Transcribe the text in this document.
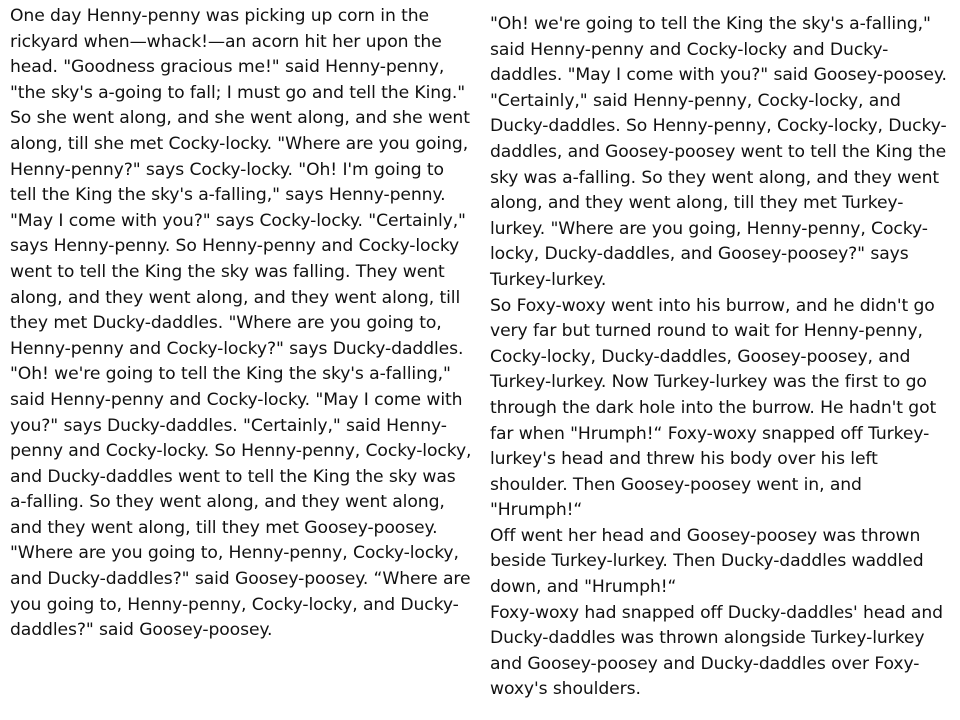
One day Henny-penny was picking up corn in the rickyard when—whack!—an acorn hit her upon the head. "Goodness gracious me!" said Henny-penny, "the sky's a-going to fall; I must go and tell the King."

So she went along, and she went along, and she went along, till she met Cocky-locky. "Where are you going, Henny-penny?" says Cocky-locky. "Oh! I'm going to tell the King the sky's a-falling," says Henny-penny. "May I come with you?" says Cocky-locky. "Certainly," says Henny-penny. So Henny-penny and Cocky-locky went to tell the King the sky was falling. They went along, and they went along, and they went along, till they met Ducky-daddles. "Where are you going to, Henny-penny and Cocky-locky?" says Ducky-daddles. "Oh! we're going to tell the King the sky's a-falling," said Henny-penny and Cocky-locky. "May I come with you?" says Ducky-daddles. "Certainly," said Henny-penny and Cocky-locky. So Henny-penny, Cocky-locky, and Ducky-daddles went to tell the King the sky was a-falling. So they went along, and they went along, and they went along, till they met Goosey-poosey. "Where are you going to, Henny-penny, Cocky-locky, and Ducky-daddles?" said Goosey-poosey. “Where are you going to, Henny-penny, Cocky-locky, and Ducky-daddles?" said Goosey-poosey.

"Oh! we're going to tell the King the sky's a-falling," said Henny-penny and Cocky-locky and Ducky-daddles. "May I come with you?" said Goosey-poosey. "Certainly," said Henny-penny, Cocky-locky, and Ducky-daddles. So Henny-penny, Cocky-locky, Ducky-daddles, and Goosey-poosey went to tell the King the sky was a-falling. So they went along, and they went along, and they went along, till they met Turkey-lurkey. "Where are you going, Henny-penny, Cocky-locky, Ducky-daddles, and Goosey-poosey?" says Turkey-lurkey.

So Foxy-woxy went into his burrow, and he didn't go very far but turned round to wait for Henny-penny, Cocky-locky, Ducky-daddles, Goosey-poosey, and Turkey-lurkey. Now Turkey-lurkey was the first to go through the dark hole into the burrow. He hadn't got far when "Hrumph!“ Foxy-woxy snapped off Turkey-lurkey's head and threw his body over his left shoulder. Then Goosey-poosey went in, and "Hrumph!“

Off went her head and Goosey-poosey was thrown beside Turkey-lurkey. Then Ducky-daddles waddled down, and "Hrumph!“

Foxy-woxy had snapped off Ducky-daddles' head and Ducky-daddles was thrown alongside Turkey-lurkey and Goosey-poosey and Ducky-daddles over Foxy-woxy's shoulders.
